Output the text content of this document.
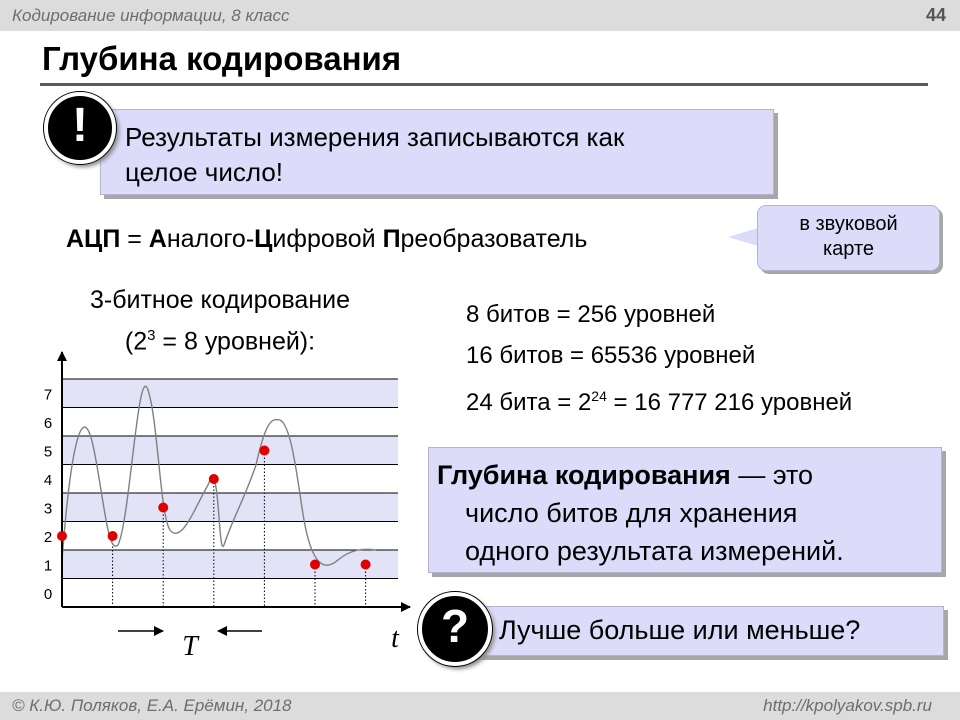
Кодирование информации, 8 класс	44
Глубина кодирования
Результаты измерения записываются как
целое число!
!
АЦП = Аналого-Цифровой Преобразователь
в звуковой
карте
3-битное кодирование
($2^3 = 8$ уровней):
8 битов = 256 уровней
16 битов = 65536 уровней
24 бита = $2^{24} = 16$ 777 216 уровней
0
1
2
3
4
5
6
7
T	t
Глубина кодирования — это
число битов для хранения
одного результата измерений.
Лучше больше или меньше?
?
© К.Ю. Поляков, Е.А. Ерёмин, 2018	http://kpolyakov.spb.ru
